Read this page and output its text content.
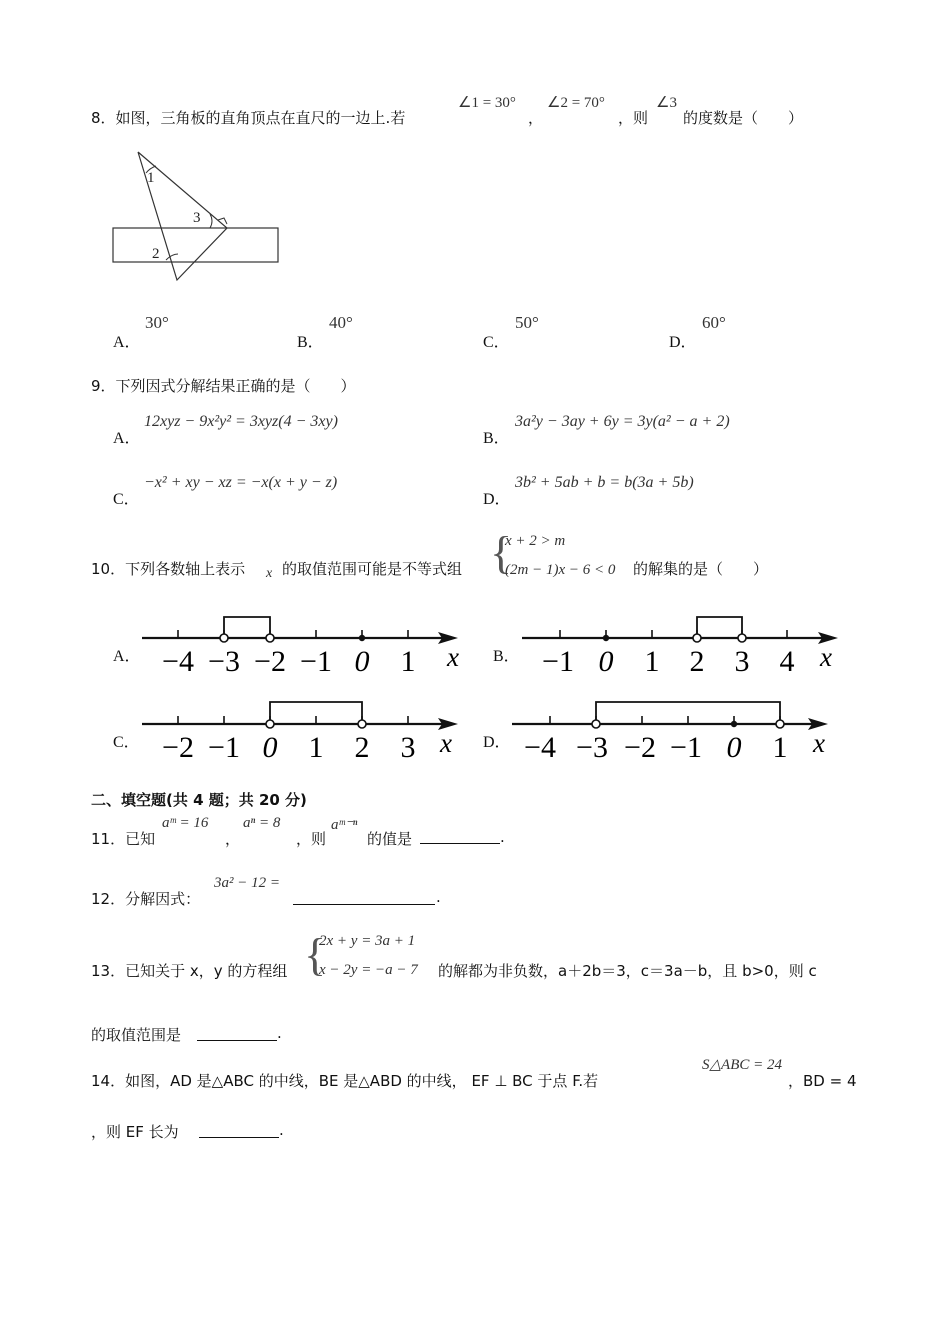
8．如图，三角板的直角顶点在直尺的一边上.若
∠1 = 30°
，
∠2 = 70°
，则
∠3
的度数是（　　）
1
3
2
A．
30°
B．
40°
C．
50°
D．
60°
9．下列因式分解结果正确的是（　　）
A．
12xyz − 9x²y² = 3xyz(4 − 3xy)
B．
3a²y − 3ay + 6y = 3y(a² − a + 2)
C．
−x² + xy − xz = −x(x + y − z)
D．
3b² + 5ab + b = b(3a + 5b)
10．下列各数轴上表示 x 的取值范围可能是不等式组 {
x + 2 > m
(2m − 1)x − 6 < 0 的解集的是（　　）
A． −4 −3 −2 −1 0 1 x B． −1 0 1 2 3 4 x
C． −2 −1 0 1 2 3 x D． −4 −3 −2 −1 0 1 x
二、填空题(共 4 题；共 20 分)
11．已知
aᵐ = 16
，
aⁿ = 8
，则
aᵐ⁻ⁿ
的值是	.
12．分解因式：
3a² − 12 =
.
13．已知关于 x，y 的方程组 {
2x + y = 3a + 1
x − 2y = −a − 7 的解都为非负数，a＋2b＝3，c＝3a－b，且 b>0，则 c
的取值范围是	.
14．如图，AD 是△ABC 的中线，BE 是△ABD 的中线， EF ⊥ BC 于点 F.若
S△ABC = 24
，BD = 4
，则 EF 长为	.
